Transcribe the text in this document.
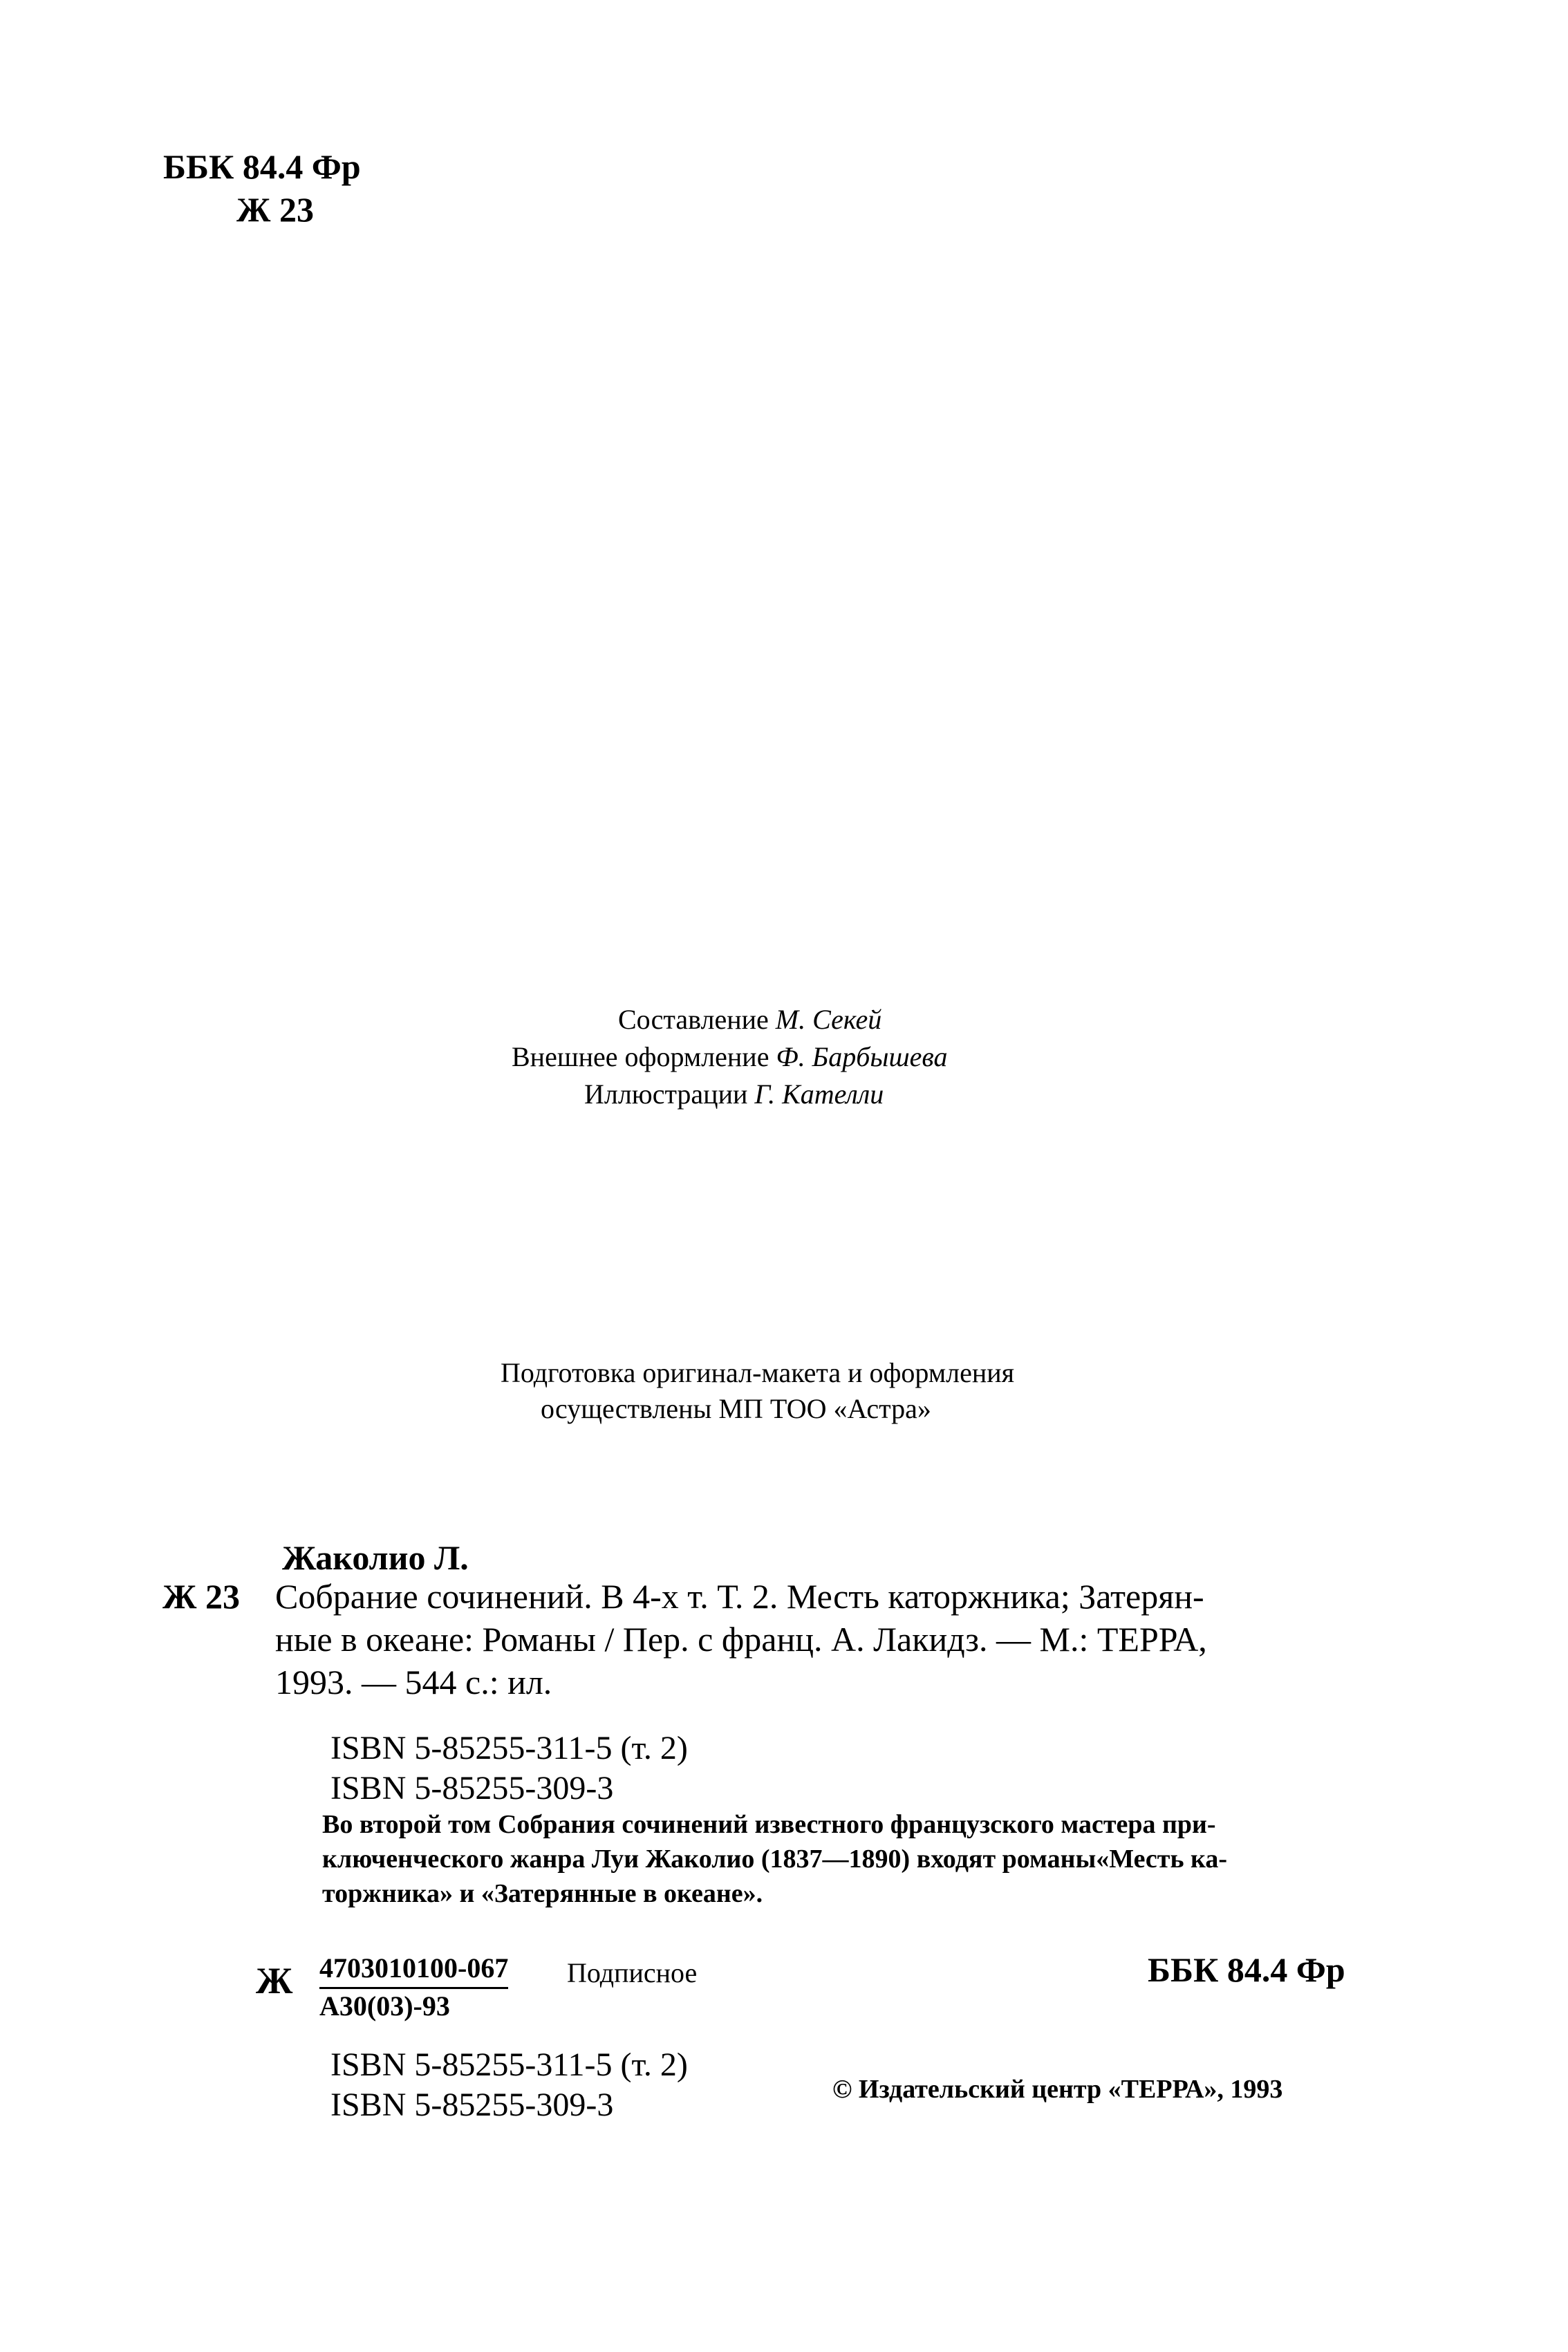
ББК 84.4 Фр
Ж 23
Составление М. Секей
Внешнее оформление Ф. Барбышева
Иллюстрации Г. Кателли
Подготовка оригинал-макета и оформления
осуществлены МП ТОО «Астра»
Жаколио Л.
Ж 23 Собрание сочинений. В 4-х т. Т. 2. Месть каторжника; Затерян-
ные в океане: Романы / Пер. с франц. А. Лакидз. — М.: ТЕРРА,
1993. — 544 с.: ил.
ISBN 5-85255-311-5 (т. 2)
ISBN 5-85255-309-3
Во второй том Собрания сочинений известного французского мастера при-
ключенческого жанра Луи Жаколио (1837—1890) входят романы«Месть ка-
торжника» и «Затерянные в океане».
Ж 4703010100-067
А30(03)-93
Подписное	ББК 84.4 Фр
ISBN 5-85255-311-5 (т. 2)
ISBN 5-85255-309-3	© Издательский центр «ТЕРРА», 1993
